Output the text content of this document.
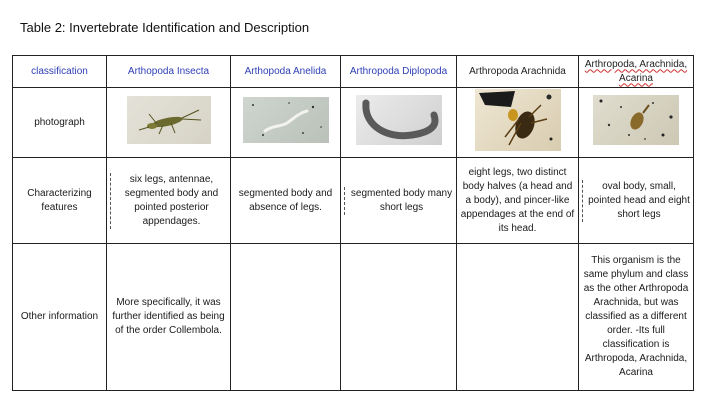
Table 2: Invertebrate Identification and Description
classification	Arthopoda Insecta	Arthopoda Anelida	Arthropoda Diplopoda	Arthropoda Arachnida	Arthropoda, Arachnida, Acarina
photograph					
Characterizing features	six legs, antennae, segmented body and pointed posterior appendages.	segmented body and absence of legs.	segmented body many short legs	eight legs, two distinct body halves (a head and a body), and pincer-like appendages at the end of its head.	oval body, small, pointed head and eight short legs
Other information	More specifically, it was further identified as being of the order Collembola.				This organism is the same phylum and class as the other Arthropoda Arachnida, but was classified as a different order. -Its full classification is Arthropoda, Arachnida, Acarina
